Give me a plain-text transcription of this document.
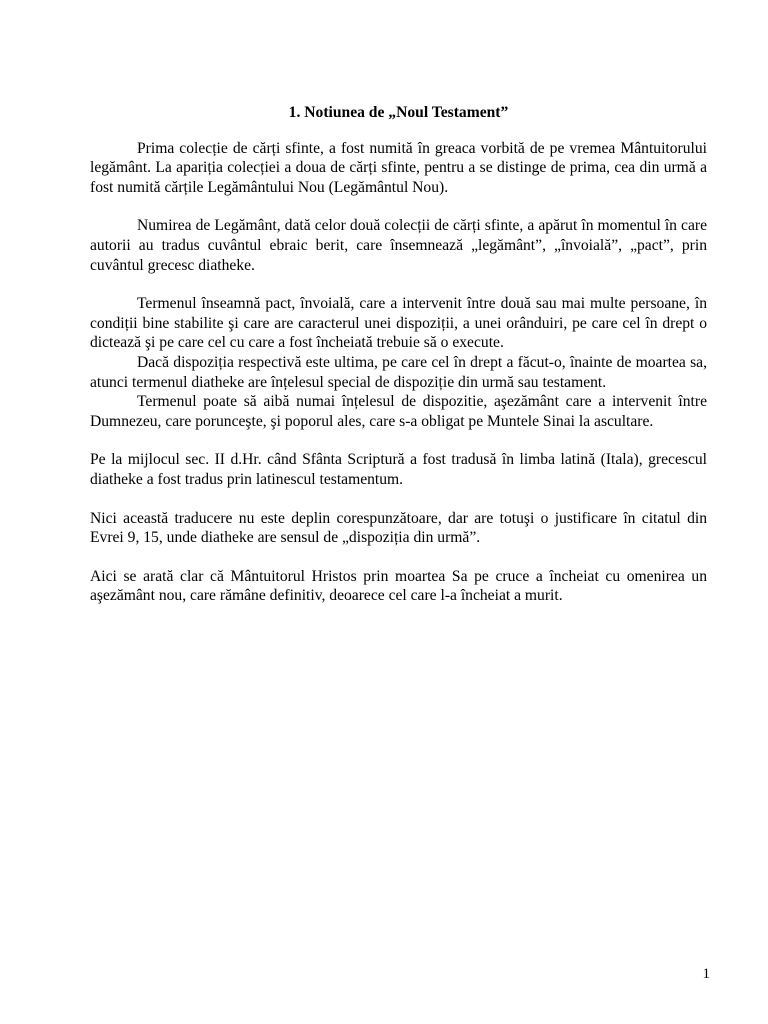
1. Notiunea de „Noul Testament”

Prima colecție de cărți sfinte, a fost numită în greaca vorbită de pe vremea Mântuitorului legământ. La apariția colecției a doua de cărți sfinte, pentru a se distinge de prima, cea din urmă a fost numită cărțile Legământului Nou (Legământul Nou).

Numirea de Legământ, dată celor două colecții de cărți sfinte, a apărut în momentul în care autorii au tradus cuvântul ebraic berit, care însemnează „legământ”, „învoială”, „pact”, prin cuvântul grecesc diatheke.

Termenul înseamnă pact, învoială, care a intervenit între două sau mai multe persoane, în condiții bine stabilite şi care are caracterul unei dispoziții, a unei orânduiri, pe care cel în drept o dictează şi pe care cel cu care a fost încheiată trebuie să o execute.

Dacă dispoziția respectivă este ultima, pe care cel în drept a făcut-o, înainte de moartea sa, atunci termenul diatheke are înțelesul special de dispoziție din urmă sau testament.

Termenul poate să aibă numai înțelesul de dispozitie, aşezământ care a intervenit între Dumnezeu, care porunceşte, şi poporul ales, care s-a obligat pe Muntele Sinai la ascultare.

Pe la mijlocul sec. II d.Hr. când Sfânta Scriptură a fost tradusă în limba latină (Itala), grecescul diatheke a fost tradus prin latinescul testamentum.

Nici această traducere nu este deplin corespunzătoare, dar are totuşi o justificare în citatul din Evrei 9, 15, unde diatheke are sensul de „dispoziția din urmă”.

Aici se arată clar că Mântuitorul Hristos prin moartea Sa pe cruce a încheiat cu omenirea un aşezământ nou, care rămâne definitiv, deoarece cel care l-a încheiat a murit.

1
